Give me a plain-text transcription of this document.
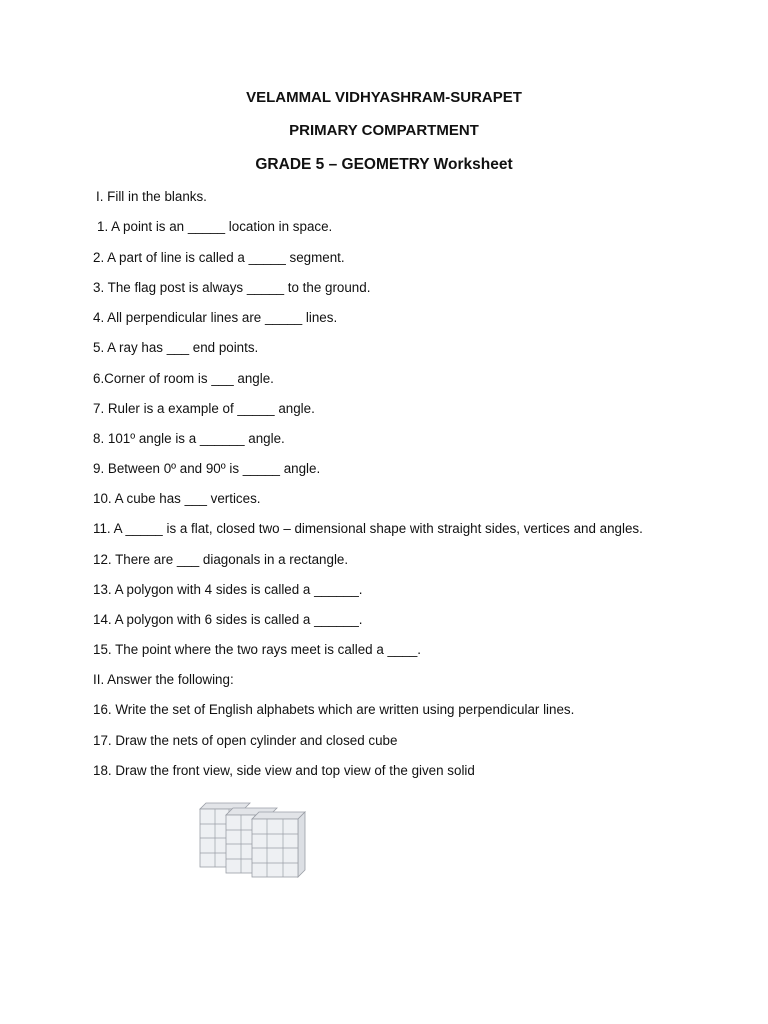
VELAMMAL VIDHYASHRAM-SURAPET
PRIMARY COMPARTMENT
GRADE 5 – GEOMETRY Worksheet
I. Fill in the blanks.
1. A point is an _____ location in space.
2. A part of line is called a _____ segment.
3. The flag post is always _____ to the ground.
4. All perpendicular lines are _____ lines.
5. A ray has ___ end points.
6.Corner of room is ___ angle.
7. Ruler is a example of _____ angle.
8. 101º angle is a ______ angle.
9. Between 0º and 90º is _____ angle.
10. A cube has ___ vertices.
11. A _____ is a flat, closed two – dimensional shape with straight sides, vertices and angles.
12. There are ___ diagonals in a rectangle.
13. A polygon with 4 sides is called a ______.
14. A polygon with 6 sides is called a ______.
15. The point where the two rays meet is called a ____.
II. Answer the following:
16. Write the set of English alphabets which are written using perpendicular lines.
17. Draw the nets of open cylinder and closed cube
18. Draw the front view, side view and top view of the given solid
